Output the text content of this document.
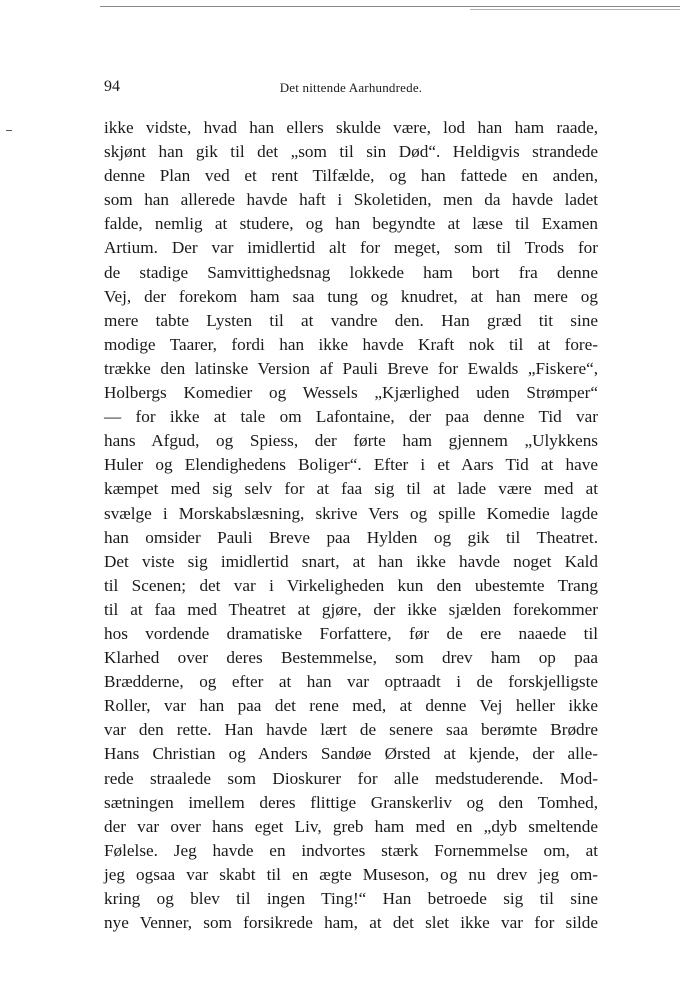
94	Det nittende Aarhundrede.
ikke vidste, hvad han ellers skulde være, lod han ham raade,
skjønt han gik til det „som til sin Død“. Heldigvis strandede
denne Plan ved et rent Tilfælde, og han fattede en anden,
som han allerede havde haft i Skoletiden, men da havde ladet
falde, nemlig at studere, og han begyndte at læse til Examen
Artium. Der var imidlertid alt for meget, som til Trods for
de stadige Samvittighedsnag lokkede ham bort fra denne
Vej, der forekom ham saa tung og knudret, at han mere og
mere tabte Lysten til at vandre den. Han græd tit sine
modige Taarer, fordi han ikke havde Kraft nok til at fore-
trække den latinske Version af Pauli Breve for Ewalds „Fiskere“,
Holbergs Komedier og Wessels „Kjærlighed uden Strømper“
— for ikke at tale om Lafontaine, der paa denne Tid var
hans Afgud, og Spiess, der førte ham gjennem „Ulykkens
Huler og Elendighedens Boliger“. Efter i et Aars Tid at have
kæmpet med sig selv for at faa sig til at lade være med at
svælge i Morskabslæsning, skrive Vers og spille Komedie lagde
han omsider Pauli Breve paa Hylden og gik til Theatret.
Det viste sig imidlertid snart, at han ikke havde noget Kald
til Scenen; det var i Virkeligheden kun den ubestemte Trang
til at faa med Theatret at gjøre, der ikke sjælden forekommer
hos vordende dramatiske Forfattere, før de ere naaede til
Klarhed over deres Bestemmelse, som drev ham op paa
Brædderne, og efter at han var optraadt i de forskjelligste
Roller, var han paa det rene med, at denne Vej heller ikke
var den rette. Han havde lært de senere saa berømte Brødre
Hans Christian og Anders Sandøe Ørsted at kjende, der alle-
rede straalede som Dioskurer for alle medstuderende. Mod-
sætningen imellem deres flittige Granskerliv og den Tomhed,
der var over hans eget Liv, greb ham med en „dyb smeltende
Følelse. Jeg havde en indvortes stærk Fornemmelse om, at
jeg ogsaa var skabt til en ægte Museson, og nu drev jeg om-
kring og blev til ingen Ting!“ Han betroede sig til sine
nye Venner, som forsikrede ham, at det slet ikke var for silde
